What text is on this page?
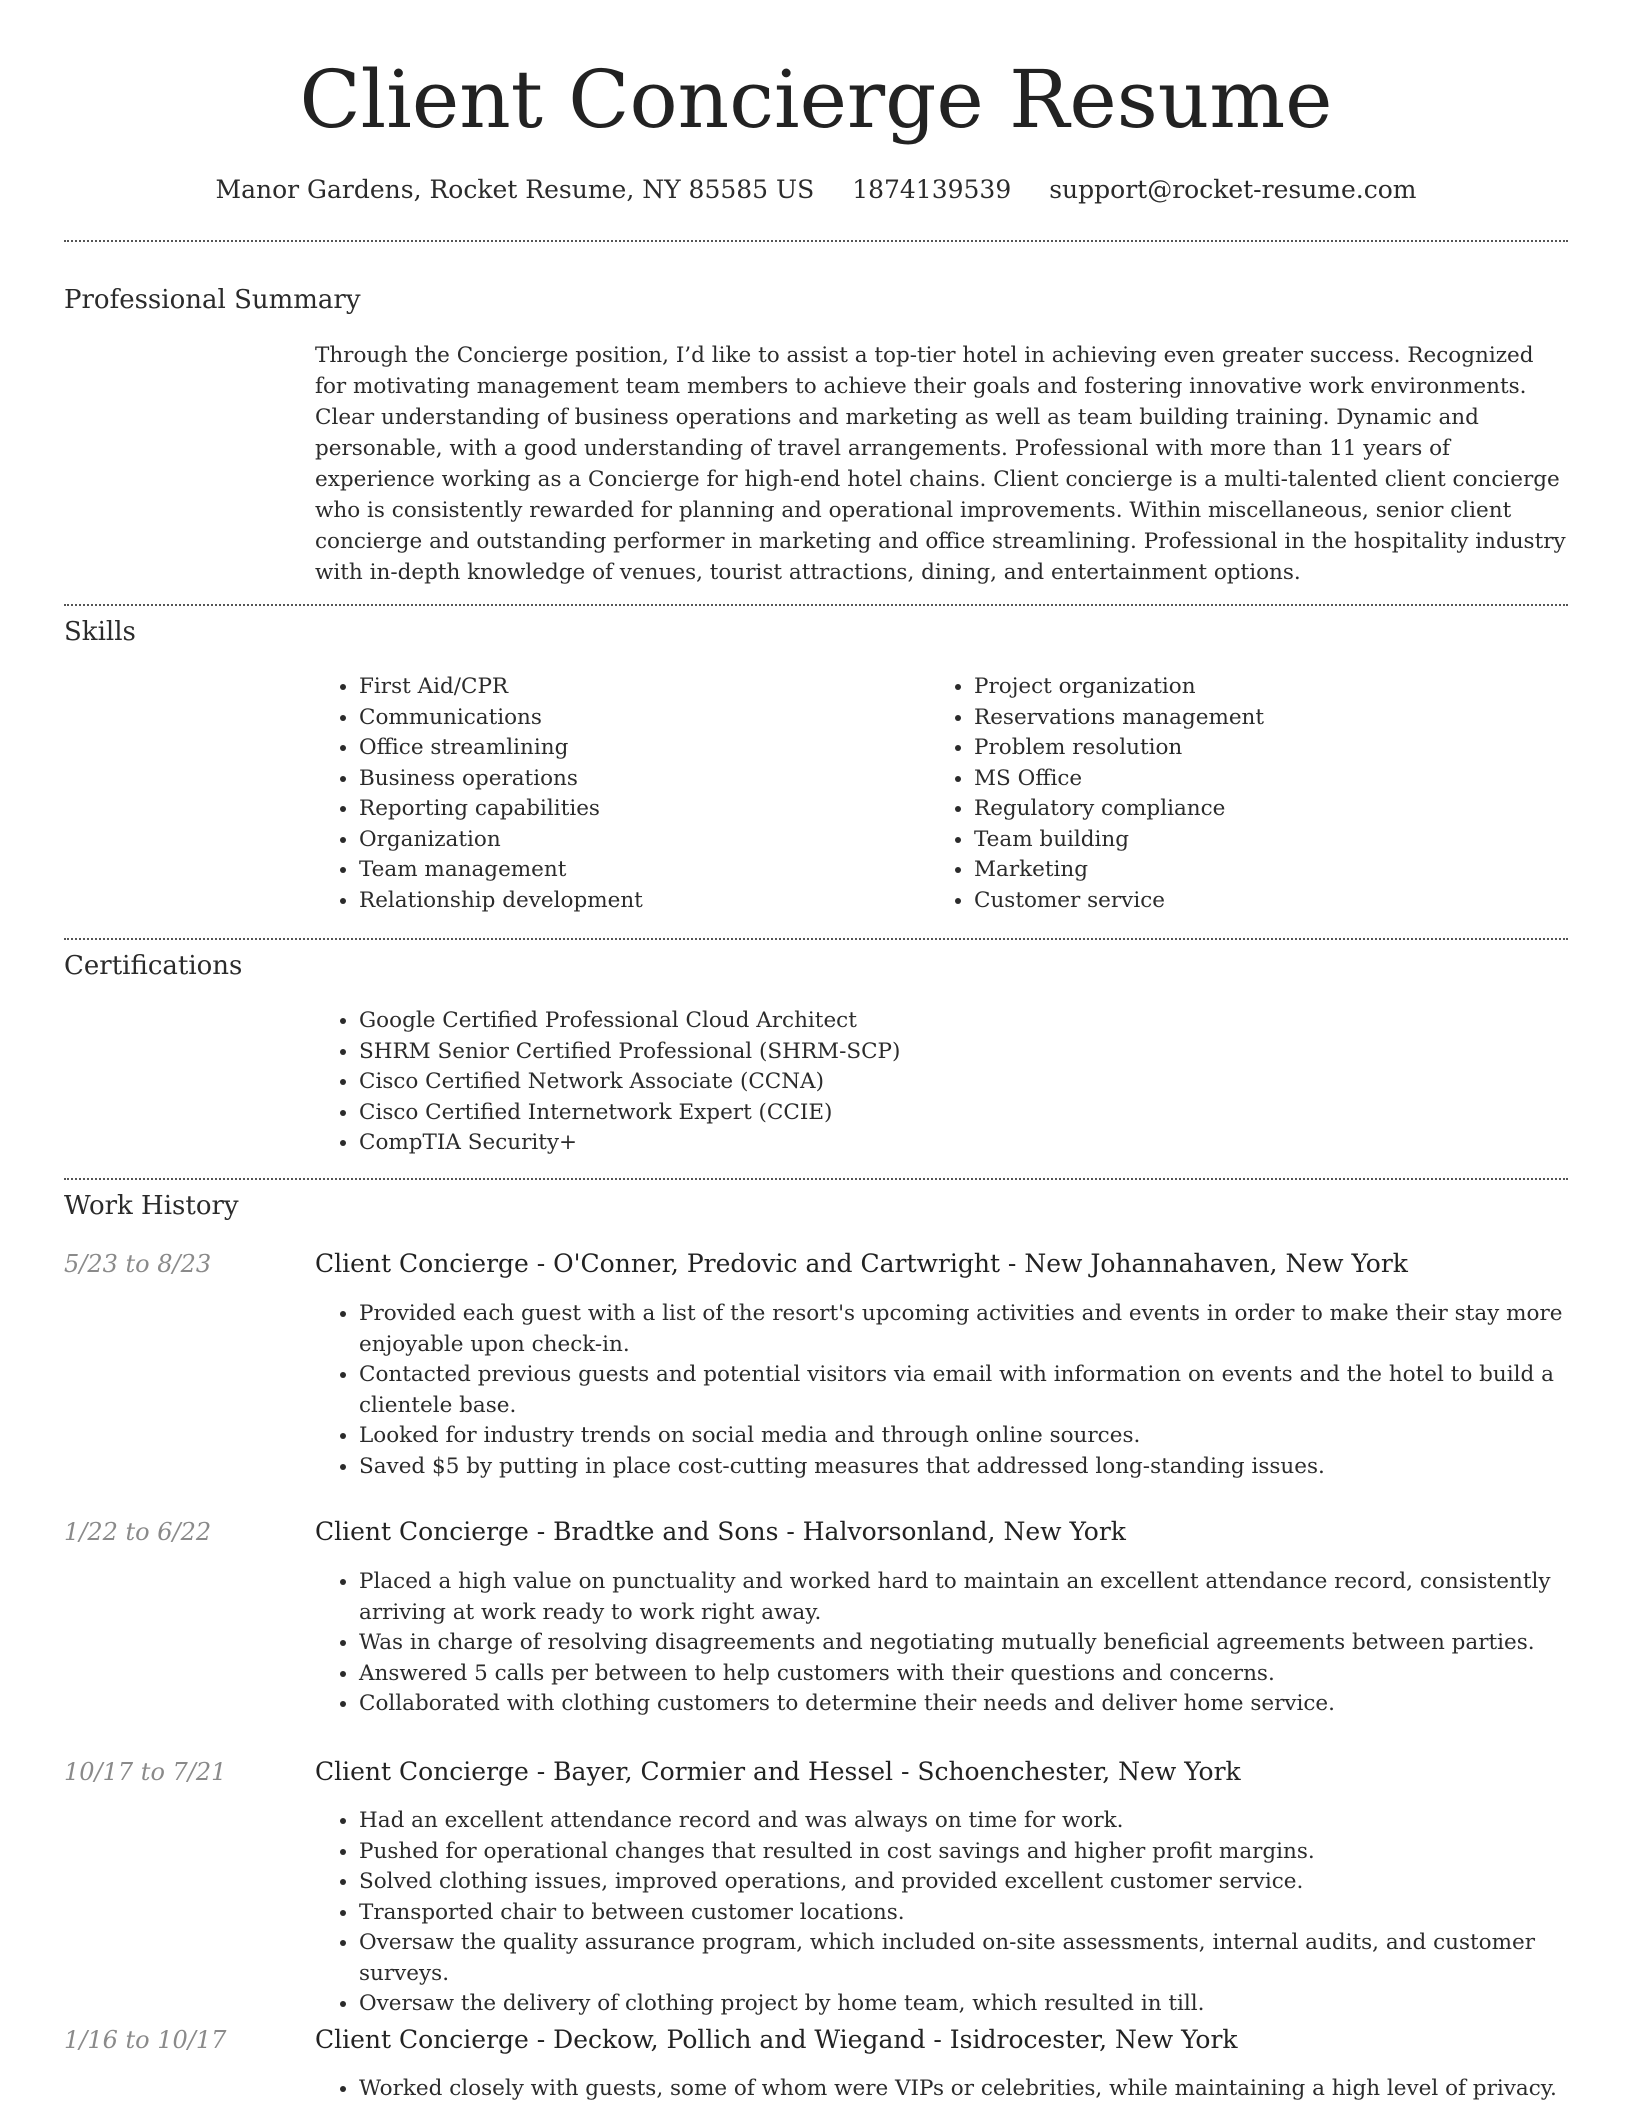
Client Concierge Resume
Manor Gardens, Rocket Resume, NY 85585 US 1874139539 support@rocket-resume.com
Professional Summary

Through the Concierge position, I’d like to assist a top-tier hotel in achieving even greater success. Recognized for motivating management team members to achieve their goals and fostering innovative work environments. Clear understanding of business operations and marketing as well as team building training. Dynamic and personable, with a good understanding of travel arrangements. Professional with more than 11 years of experience working as a Concierge for high-end hotel chains. Client concierge is a multi-talented client concierge who is consistently rewarded for planning and operational improvements. Within miscellaneous, senior client concierge and outstanding performer in marketing and office streamlining. Professional in the hospitality industry with in-depth knowledge of venues, tourist attractions, dining, and entertainment options.

Skills
• First Aid/CPR
• Communications
• Office streamlining
• Business operations
• Reporting capabilities
• Organization
• Team management
• Relationship development
• Project organization
• Reservations management
• Problem resolution
• MS Office
• Regulatory compliance
• Team building
• Marketing
• Customer service
Certifications
• Google Certified Professional Cloud Architect
• SHRM Senior Certified Professional (SHRM-SCP)
• Cisco Certified Network Associate (CCNA)
• Cisco Certified Internetwork Expert (CCIE)
• CompTIA Security+
Work History
5/23 to 8/23	Client Concierge - O'Conner, Predovic and Cartwright - New Johannahaven, New York
• Provided each guest with a list of the resort's upcoming activities and events in order to make their stay more enjoyable upon check-in.
• Contacted previous guests and potential visitors via email with information on events and the hotel to build a clientele base.
• Looked for industry trends on social media and through online sources.
• Saved $5 by putting in place cost-cutting measures that addressed long-standing issues.
1/22 to 6/22	Client Concierge - Bradtke and Sons - Halvorsonland, New York
• Placed a high value on punctuality and worked hard to maintain an excellent attendance record, consistently arriving at work ready to work right away.
• Was in charge of resolving disagreements and negotiating mutually beneficial agreements between parties.
• Answered 5 calls per between to help customers with their questions and concerns.
• Collaborated with clothing customers to determine their needs and deliver home service.
10/17 to 7/21	Client Concierge - Bayer, Cormier and Hessel - Schoenchester, New York
• Had an excellent attendance record and was always on time for work.
• Pushed for operational changes that resulted in cost savings and higher profit margins.
• Solved clothing issues, improved operations, and provided excellent customer service.
• Transported chair to between customer locations.
• Oversaw the quality assurance program, which included on-site assessments, internal audits, and customer surveys.
• Oversaw the delivery of clothing project by home team, which resulted in till.
1/16 to 10/17	Client Concierge - Deckow, Pollich and Wiegand - Isidrocester, New York
• Worked closely with guests, some of whom were VIPs or celebrities, while maintaining a high level of privacy.
